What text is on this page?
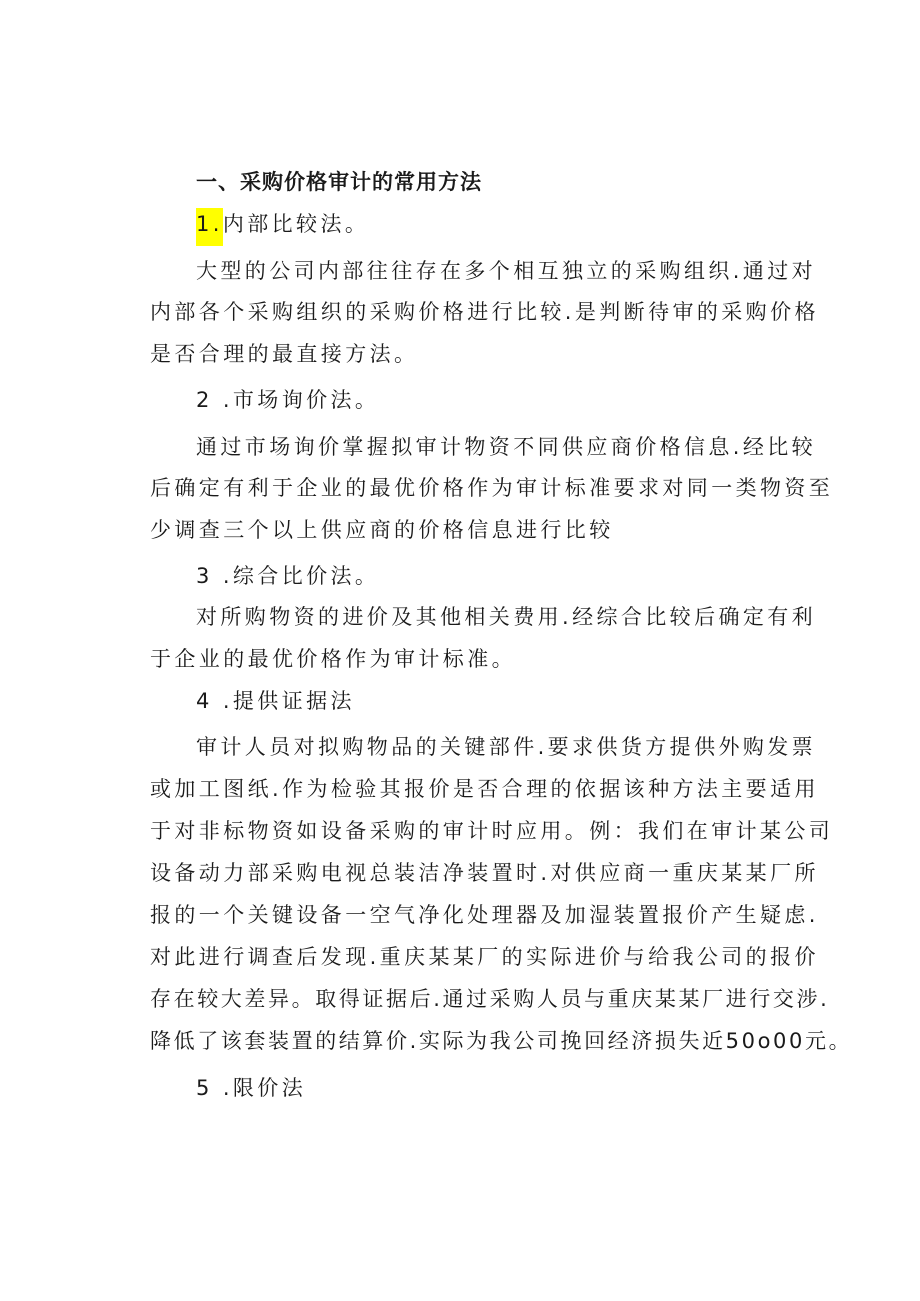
一、采购价格审计的常用方法
1.内部比较法。
大型的公司内部往往存在多个相互独立的采购组织.通过对
内部各个采购组织的采购价格进行比较.是判断待审的采购价格
是否合理的最直接方法。
2 .市场询价法。
通过市场询价掌握拟审计物资不同供应商价格信息.经比较
后确定有利于企业的最优价格作为审计标准要求对同一类物资至
少调查三个以上供应商的价格信息进行比较
3 .综合比价法。
对所购物资的进价及其他相关费用.经综合比较后确定有利
于企业的最优价格作为审计标准。
4 .提供证据法
审计人员对拟购物品的关键部件.要求供货方提供外购发票
或加工图纸.作为检验其报价是否合理的依据该种方法主要适用
于对非标物资如设备采购的审计时应用。例：我们在审计某公司
设备动力部采购电视总装洁净装置时.对供应商一重庆某某厂所
报的一个关键设备一空气净化处理器及加湿装置报价产生疑虑.
对此进行调查后发现.重庆某某厂的实际进价与给我公司的报价
存在较大差异。取得证据后.通过采购人员与重庆某某厂进行交涉.
降低了该套装置的结算价.实际为我公司挽回经济损失近50o00元。
5 .限价法
